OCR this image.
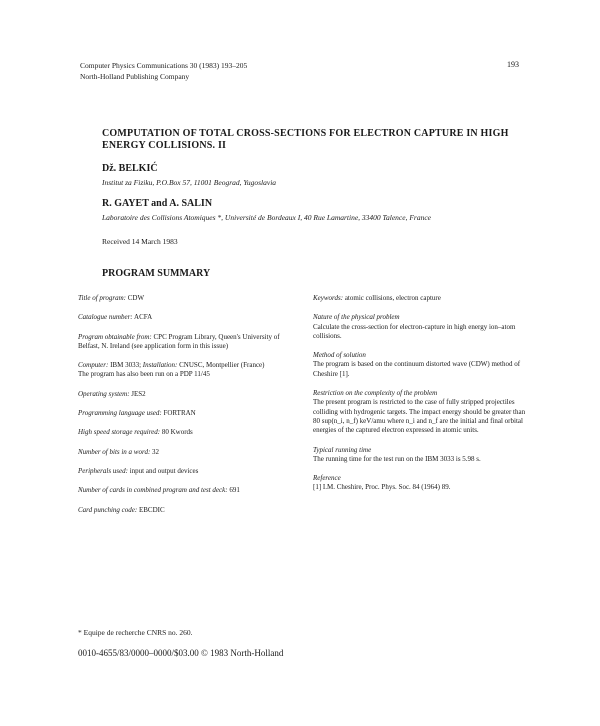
Computer Physics Communications 30 (1983) 193–205
North-Holland Publishing Company
193
COMPUTATION OF TOTAL CROSS-SECTIONS FOR ELECTRON CAPTURE IN HIGH ENERGY COLLISIONS. II
Dž. BELKIĆ
Institut za Fiziku, P.O.Box 57, 11001 Beograd, Yugoslavia
R. GAYET and A. SALIN
Laboratoire des Collisions Atomiques *, Université de Bordeaux I, 40 Rue Lamartine, 33400 Talence, France
Received 14 March 1983
PROGRAM SUMMARY
Title of program: CDW
Catalogue number: ACFA
Program obtainable from: CPC Program Library, Queen's University of Belfast, N. Ireland (see application form in this issue)
Computer: IBM 3033; Installation: CNUSC, Montpellier (France)
The program has also been run on a PDP 11/45
Operating system: JES2
Programming language used: FORTRAN
High speed storage required: 80 Kwords
Number of bits in a word: 32
Peripherals used: input and output devices
Number of cards in combined program and test deck: 691
Card punching code: EBCDIC
Keywords: atomic collisions, electron capture
Nature of the physical problem
Calculate the cross-section for electron-capture in high energy ion–atom collisions.
Method of solution
The program is based on the continuum distorted wave (CDW) method of Cheshire [1].
Restriction on the complexity of the problem
The present program is restricted to the case of fully stripped projectiles colliding with hydrogenic targets. The impact energy should be greater than 80 sup(n_i, n_f) keV/amu where n_i and n_f are the initial and final orbital energies of the captured electron expressed in atomic units.
Typical running time
The running time for the test run on the IBM 3033 is 5.98 s.
Reference
[1] I.M. Cheshire, Proc. Phys. Soc. 84 (1964) 89.
* Equipe de recherche CNRS no. 260.
0010-4655/83/0000–0000/$03.00 © 1983 North-Holland
